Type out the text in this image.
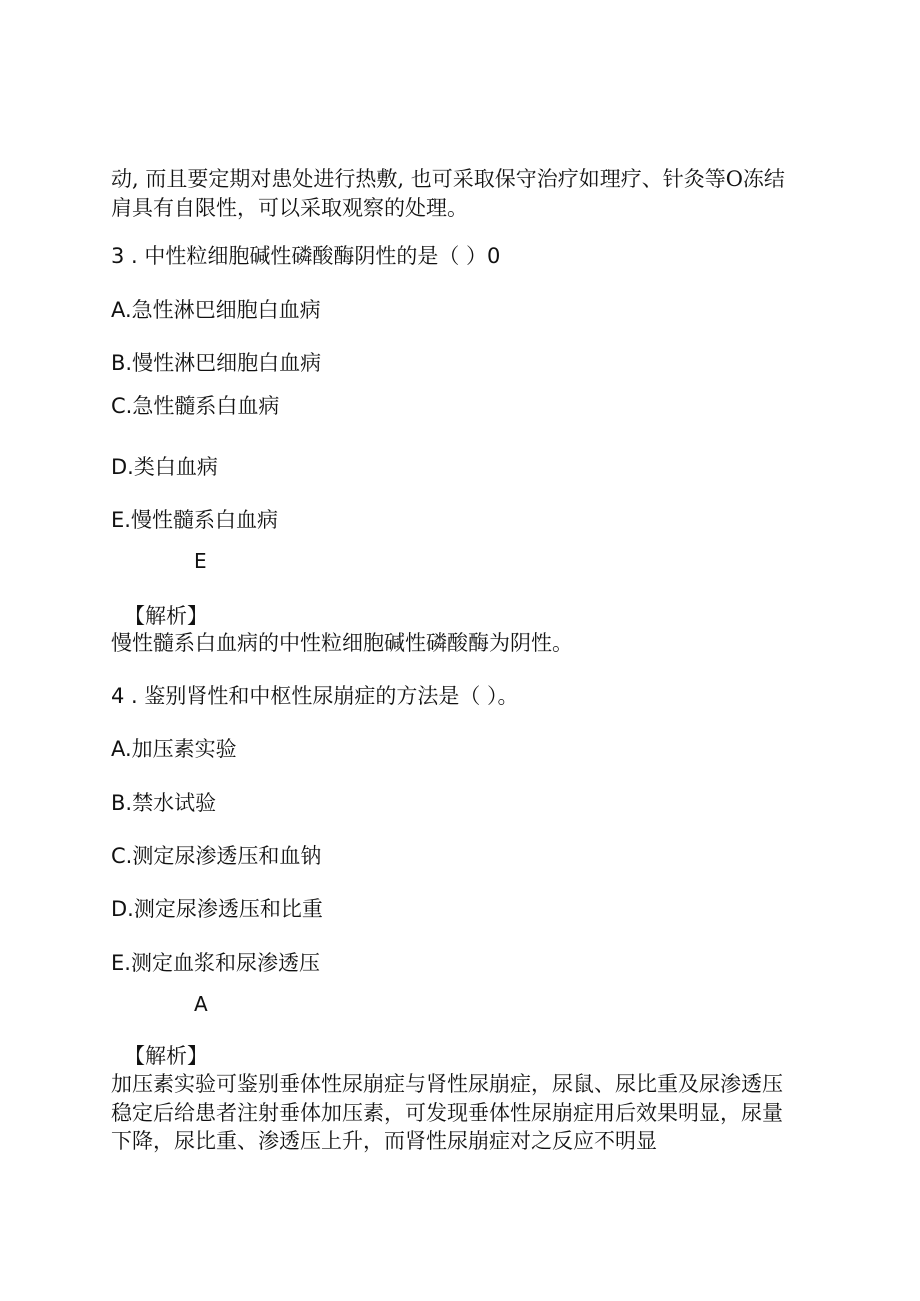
动, 而且要定期对患处进行热敷, 也可采取保守治疗如理疗、针灸等O冻结
肩具有自限性，可以采取观察的处理。
3 . 中性粒细胞碱性磷酸酶阴性的是（ ）0
A.急性淋巴细胞白血病
B.慢性淋巴细胞白血病
C.急性髓系白血病
D.类白血病
E.慢性髓系白血病
E
【解析】
慢性髓系白血病的中性粒细胞碱性磷酸酶为阴性。
4 . 鉴别肾性和中枢性尿崩症的方法是（ ）。
A.加压素实验
B.禁水试验
C.测定尿渗透压和血钠
D.测定尿渗透压和比重
E.测定血浆和尿渗透压
A
【解析】
加压素实验可鉴别垂体性尿崩症与肾性尿崩症，尿鼠、尿比重及尿渗透压
稳定后给患者注射垂体加压素，可发现垂体性尿崩症用后效果明显，尿量
下降，尿比重、渗透压上升，而肾性尿崩症对之反应不明显
